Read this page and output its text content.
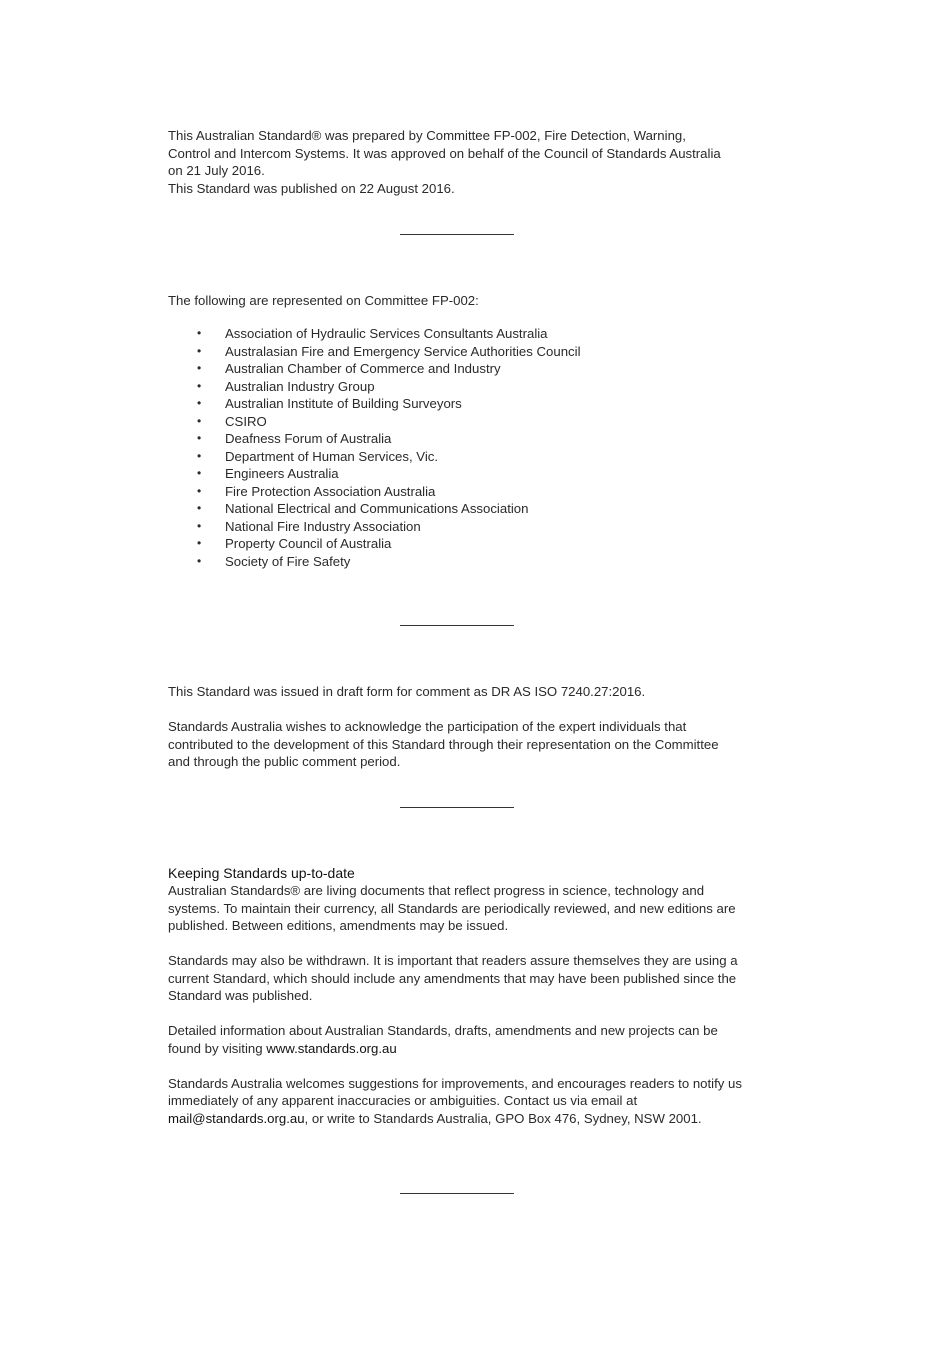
This Australian Standard® was prepared by Committee FP-002, Fire Detection, Warning, Control and Intercom Systems. It was approved on behalf of the Council of Standards Australia on 21 July 2016.

This Standard was published on 22 August 2016.

The following are represented on Committee FP-002:

• Association of Hydraulic Services Consultants Australia
• Australasian Fire and Emergency Service Authorities Council
• Australian Chamber of Commerce and Industry
• Australian Industry Group
• Australian Institute of Building Surveyors
• CSIRO
• Deafness Forum of Australia
• Department of Human Services, Vic.
• Engineers Australia
• Fire Protection Association Australia
• National Electrical and Communications Association
• National Fire Industry Association
• Property Council of Australia
• Society of Fire Safety

This Standard was issued in draft form for comment as DR AS ISO 7240.27:2016.

Standards Australia wishes to acknowledge the participation of the expert individuals that contributed to the development of this Standard through their representation on the Committee and through the public comment period.

Keeping Standards up-to-date

Australian Standards® are living documents that reflect progress in science, technology and systems. To maintain their currency, all Standards are periodically reviewed, and new editions are published. Between editions, amendments may be issued.

Standards may also be withdrawn. It is important that readers assure themselves they are using a current Standard, which should include any amendments that may have been published since the Standard was published.

Detailed information about Australian Standards, drafts, amendments and new projects can be found by visiting www.standards.org.au

Standards Australia welcomes suggestions for improvements, and encourages readers to notify us immediately of any apparent inaccuracies or ambiguities. Contact us via email at mail@standards.org.au, or write to Standards Australia, GPO Box 476, Sydney, NSW 2001.
